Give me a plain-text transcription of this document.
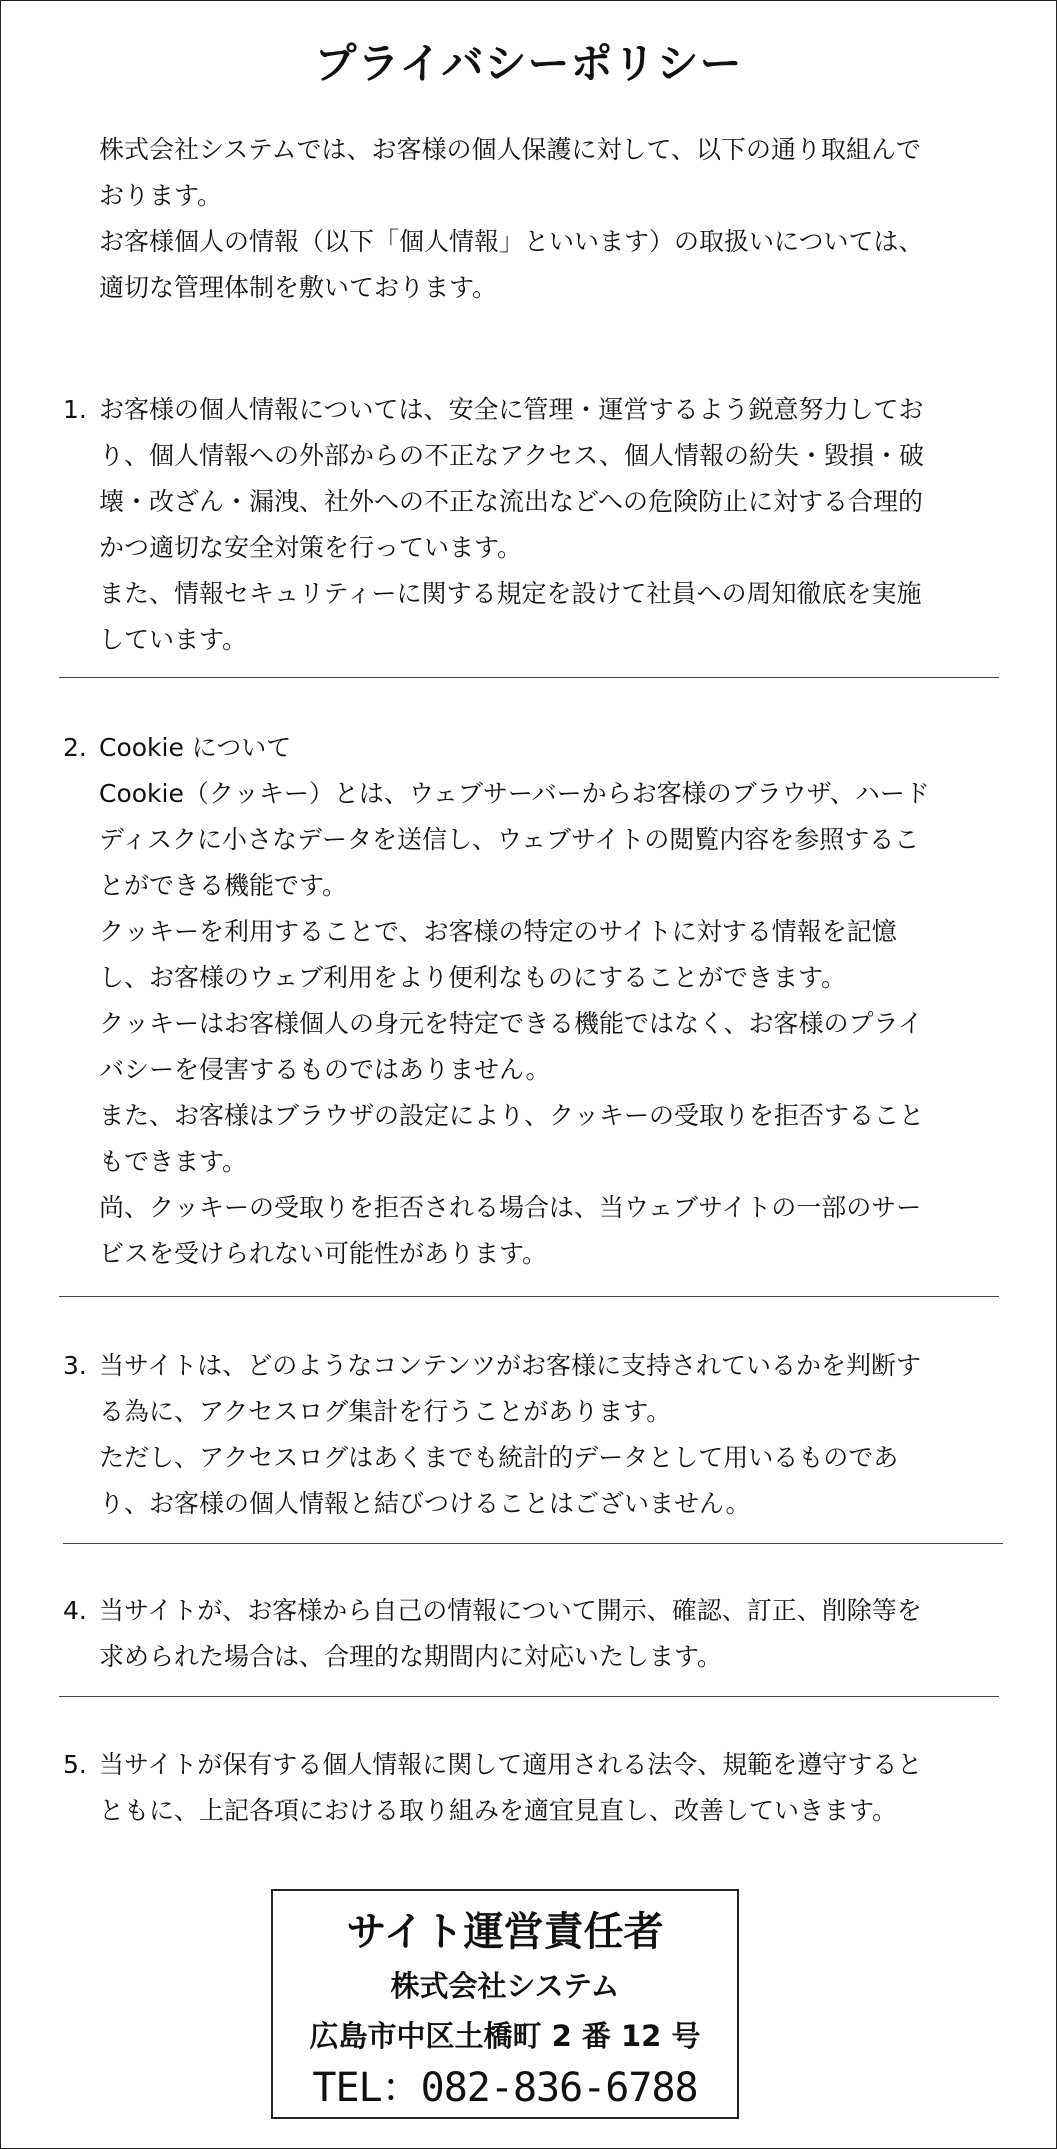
プライバシーポリシー

株式会社システムでは、お客様の個人保護に対して、以下の通り取組んで

おります。

お客様個人の情報（以下「個人情報」といいます）の取扱いについては、

適切な管理体制を敷いております。

1. お客様の個人情報については、安全に管理・運営するよう鋭意努力してお

り、個人情報への外部からの不正なアクセス、個人情報の紛失・毀損・破

壊・改ざん・漏洩、社外への不正な流出などへの危険防止に対する合理的

かつ適切な安全対策を行っています。

また、情報セキュリティーに関する規定を設けて社員への周知徹底を実施

しています。

2. Cookie について

Cookie（クッキー）とは、ウェブサーバーからお客様のブラウザ、ハード

ディスクに小さなデータを送信し、ウェブサイトの閲覧内容を参照するこ

とができる機能です。

クッキーを利用することで、お客様の特定のサイトに対する情報を記憶

し、お客様のウェブ利用をより便利なものにすることができます。

クッキーはお客様個人の身元を特定できる機能ではなく、お客様のプライ

バシーを侵害するものではありません。

また、お客様はブラウザの設定により、クッキーの受取りを拒否すること

もできます。

尚、クッキーの受取りを拒否される場合は、当ウェブサイトの一部のサー

ビスを受けられない可能性があります。

3. 当サイトは、どのようなコンテンツがお客様に支持されているかを判断す

る為に、アクセスログ集計を行うことがあります。

ただし、アクセスログはあくまでも統計的データとして用いるものであ

り、お客様の個人情報と結びつけることはございません。

4. 当サイトが、お客様から自己の情報について開示、確認、訂正、削除等を

求められた場合は、合理的な期間内に対応いたします。

5. 当サイトが保有する個人情報に関して適用される法令、規範を遵守すると

ともに、上記各項における取り組みを適宜見直し、改善していきます。

サイト運営責任者
株式会社システム
広島市中区土橋町 2 番 12 号
TEL：082-836-6788
